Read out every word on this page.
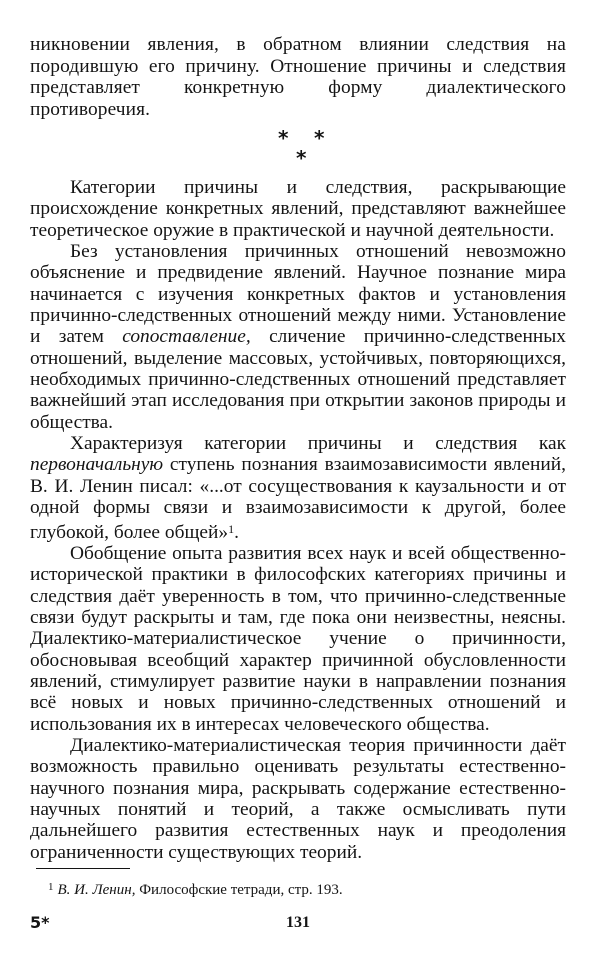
никновении явления, в обратном влиянии следствия на породившую его причину. Отношение причины и следствия представляет конкретную форму диалектического противоречия.

* *
*

Категории причины и следствия, раскрывающие происхождение конкретных явлений, представляют важнейшее теоретическое оружие в практической и научной деятельности.

Без установления причинных отношений невозможно объяснение и предвидение явлений. Научное познание мира начинается с изучения конкретных фактов и установления причинно-следственных отношений между ними. Установление и затем сопоставление, сличение причинно-следственных отношений, выделение массовых, устойчивых, повторяющихся, необходимых причинно-следственных отношений представляет важнейший этап исследования при открытии законов природы и общества.

Характеризуя категории причины и следствия как первоначальную ступень познания взаимозависимости явлений, В. И. Ленин писал: «...от сосуществования к каузальности и от одной формы связи и взаимозависимости к другой, более глубокой, более общей»$^1$.

Обобщение опыта развития всех наук и всей общественно-исторической практики в философских категориях причины и следствия даёт уверенность в том, что причинно-следственные связи будут раскрыты и там, где пока они неизвестны, неясны. Диалектико-материалистическое учение о причинности, обосновывая всеобщий характер причинной обусловленности явлений, стимулирует развитие науки в направлении познания всё новых и новых причинно-следственных отношений и использования их в интересах человеческого общества.

Диалектико-материалистическая теория причинности даёт возможность правильно оценивать результаты естественно-научного познания мира, раскрывать содержание естественно-научных понятий и теорий, а также осмысливать пути дальнейшего развития естественных наук и преодоления ограниченности существующих теорий.

$^1$ В. И. Ленин, Философские тетради, стр. 193.
5*	131
